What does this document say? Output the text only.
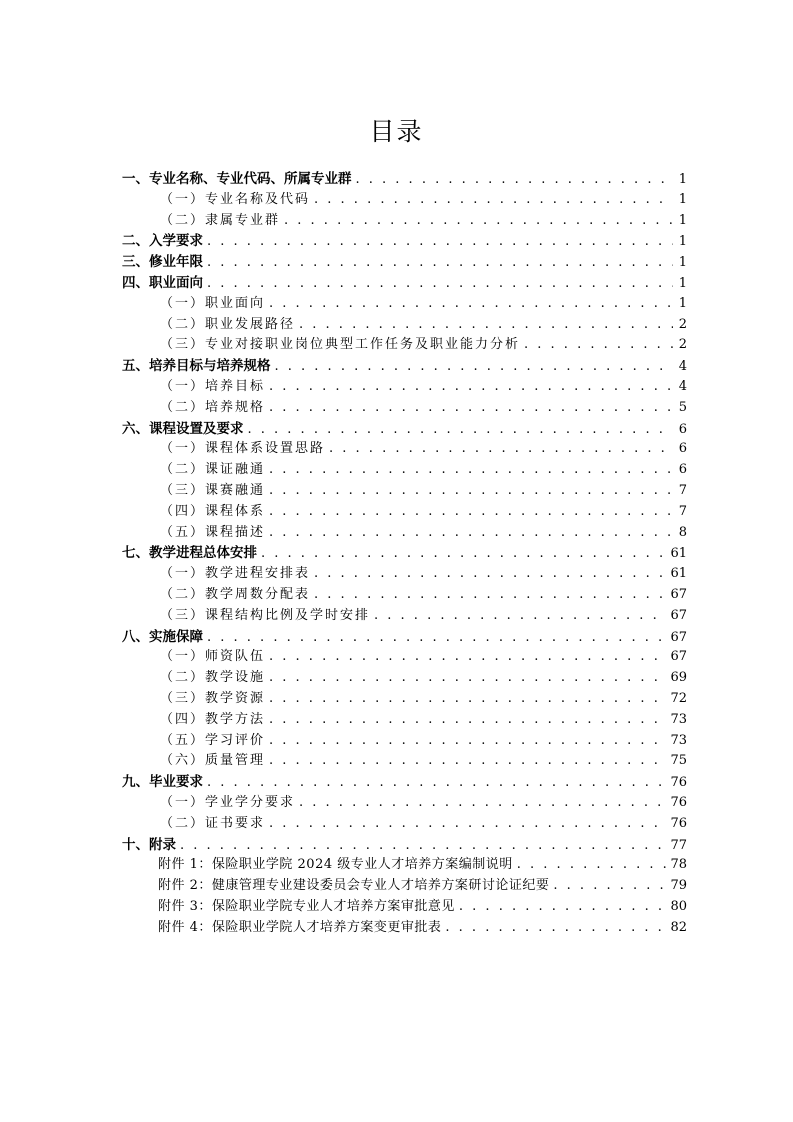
目录
一、专业名称、专业代码、所属专业群 . . .	1
（一）专业名称及代码 . . .	1
（二）隶属专业群 . . .	1
二、入学要求 . . .	1
三、修业年限 . . .	1
四、职业面向 . . .	1
（一）职业面向 . . .	1
（二）职业发展路径 . . .	2
（三）专业对接职业岗位典型工作任务及职业能力分析 . . .	2
五、培养目标与培养规格 . . .	4
（一）培养目标 . . .	4
（二）培养规格 . . .	5
六、课程设置及要求 . . .	6
（一）课程体系设置思路 . . .	6
（二）课证融通 . . .	6
（三）课赛融通 . . .	7
（四）课程体系 . . .	7
（五）课程描述 . . .	8
七、教学进程总体安排 . . .	61
（一）教学进程安排表 . . .	61
（二）教学周数分配表 . . .	67
（三）课程结构比例及学时安排 . . .	67
八、实施保障 . . .	67
（一）师资队伍 . . .	67
（二）教学设施 . . .	69
（三）教学资源 . . .	72
（四）教学方法 . . .	73
（五）学习评价 . . .	73
（六）质量管理 . . .	75
九、毕业要求 . . .	76
（一）学业学分要求 . . .	76
（二）证书要求 . . .	76
十、附录 . . .	77
附件 1：保险职业学院 2024 级专业人才培养方案编制说明 . . .	78
附件 2：健康管理专业建设委员会专业人才培养方案研讨论证纪要 . . .	79
附件 3：保险职业学院专业人才培养方案审批意见 . . .	80
附件 4：保险职业学院人才培养方案变更审批表 . . .	82
